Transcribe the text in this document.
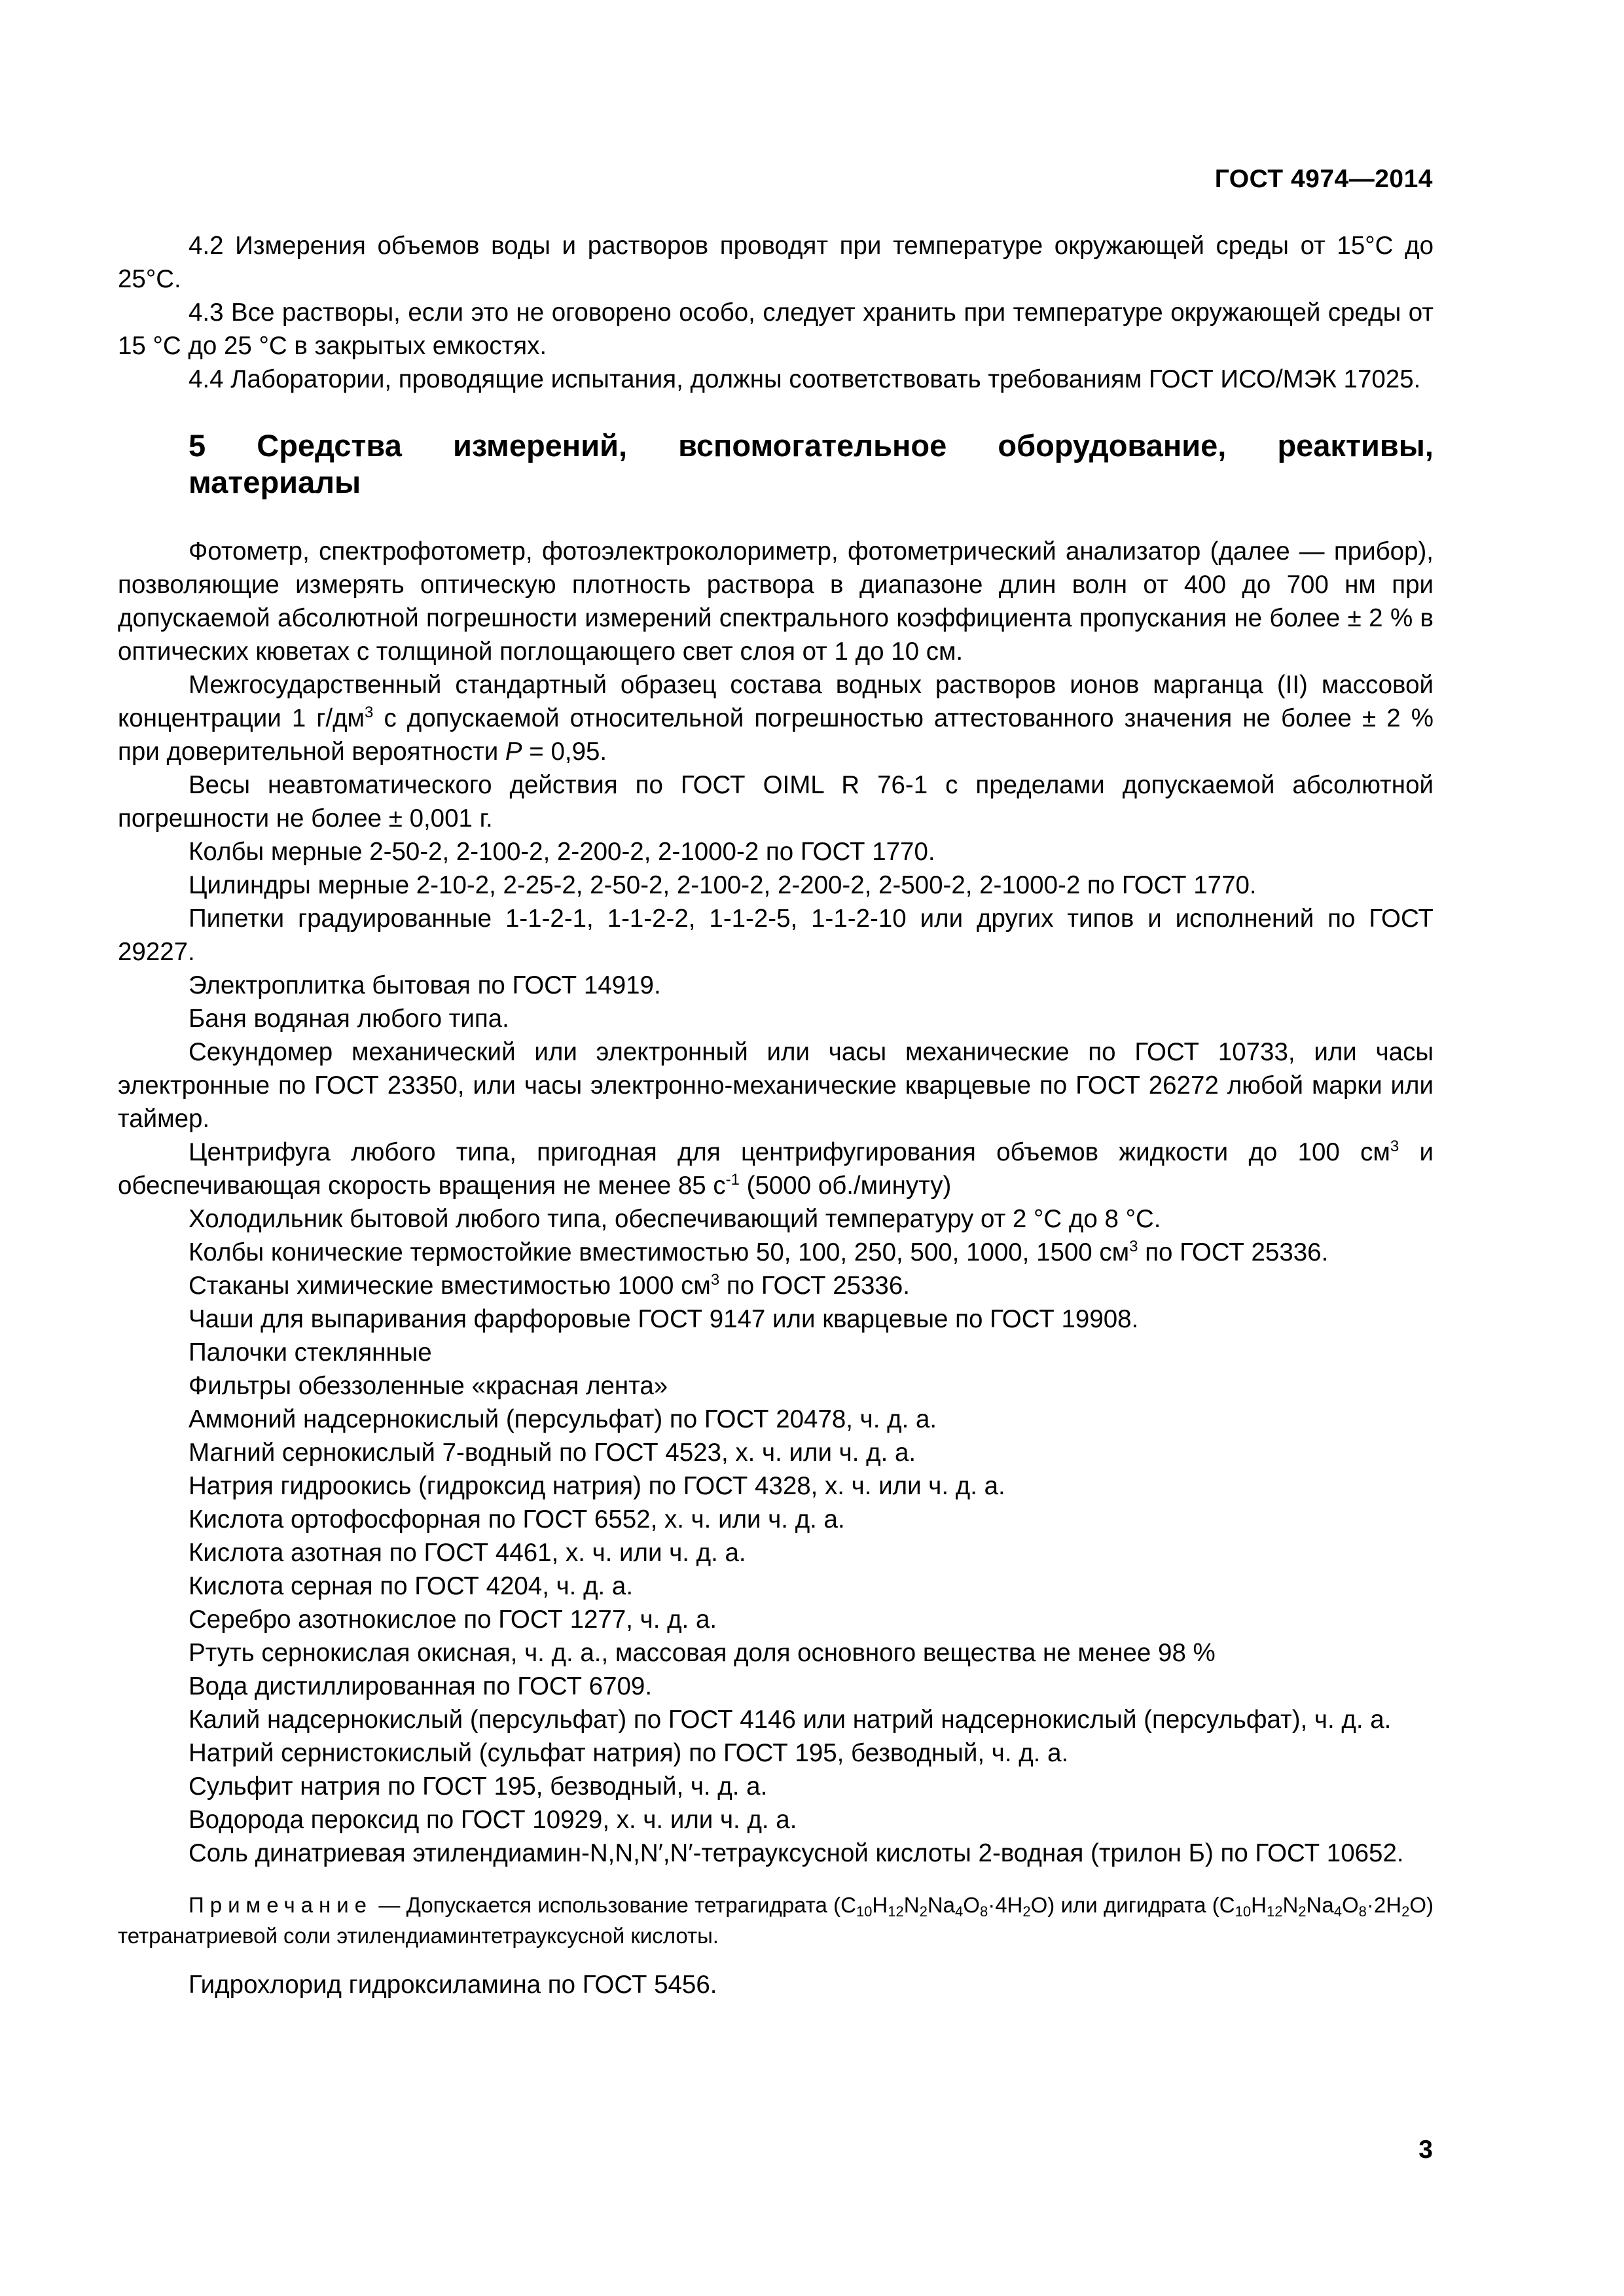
ГОСТ 4974—2014

4.2 Измерения объемов воды и растворов проводят при температуре окружающей среды от 15°С до 25°С.

4.3 Все растворы, если это не оговорено особо, следует хранить при температуре окружающей среды от 15 °С до 25 °С в закрытых емкостях.

4.4 Лаборатории, проводящие испытания, должны соответствовать требованиям ГОСТ ИСО/МЭК 17025.

5 Средства измерений, вспомогательное оборудование, реактивы,
материалы

Фотометр, спектрофотометр, фотоэлектроколориметр, фотометрический анализатор (далее — прибор), позволяющие измерять оптическую плотность раствора в диапазоне длин волн от 400 до 700 нм при допускаемой абсолютной погрешности измерений спектрального коэффициента пропускания не более ± 2 % в оптических кюветах с толщиной поглощающего свет слоя от 1 до 10 см.

Межгосударственный стандартный образец состава водных растворов ионов марганца (II) массовой концентрации 1 $г/дм^3$ с допускаемой относительной погрешностью аттестованного значения не более ± 2 % при доверительной вероятности P = 0,95.

Весы неавтоматического действия по ГОСТ OIML R 76-1 с пределами допускаемой абсолютной погрешности не более ± 0,001 г.

Колбы мерные 2-50-2, 2-100-2, 2-200-2, 2-1000-2 по ГОСТ 1770.

Цилиндры мерные 2-10-2, 2-25-2, 2-50-2, 2-100-2, 2-200-2, 2-500-2, 2-1000-2 по ГОСТ 1770.

Пипетки градуированные 1-1-2-1, 1-1-2-2, 1-1-2-5, 1-1-2-10 или других типов и исполнений по ГОСТ 29227.

Электроплитка бытовая по ГОСТ 14919.

Баня водяная любого типа.

Секундомер механический или электронный или часы механические по ГОСТ 10733, или часы электронные по ГОСТ 23350, или часы электронно-механические кварцевые по ГОСТ 26272 любой марки или таймер.

Центрифуга любого типа, пригодная для центрифугирования объемов жидкости до 100 $см^3$ и обеспечивающая скорость вращения не менее 85 $с^{-1}$ (5000 об./минуту)

Холодильник бытовой любого типа, обеспечивающий температуру от 2 °С до 8 °С.

Колбы конические термостойкие вместимостью 50, 100, 250, 500, 1000, 1500 $см^3$ по ГОСТ 25336.

Стаканы химические вместимостью 1000 $см^3$ по ГОСТ 25336.

Чаши для выпаривания фарфоровые ГОСТ 9147 или кварцевые по ГОСТ 19908.

Палочки стеклянные

Фильтры обеззоленные «красная лента»

Аммоний надсернокислый (персульфат) по ГОСТ 20478, ч. д. а.

Магний сернокислый 7-водный по ГОСТ 4523, х. ч. или ч. д. а.

Натрия гидроокись (гидроксид натрия) по ГОСТ 4328, х. ч. или ч. д. а.

Кислота ортофосфорная по ГОСТ 6552, х. ч. или ч. д. а.

Кислота азотная по ГОСТ 4461, х. ч. или ч. д. а.

Кислота серная по ГОСТ 4204, ч. д. а.

Серебро азотнокислое по ГОСТ 1277, ч. д. а.

Ртуть сернокислая окисная, ч. д. а., массовая доля основного вещества не менее 98 %

Вода дистиллированная по ГОСТ 6709.

Калий надсернокислый (персульфат) по ГОСТ 4146 или натрий надсернокислый (персульфат), ч. д. а.

Натрий сернистокислый (сульфат натрия) по ГОСТ 195, безводный, ч. д. а.

Сульфит натрия по ГОСТ 195, безводный, ч. д. а.

Водорода пероксид по ГОСТ 10929, х. ч. или ч. д. а.

Соль динатриевая этилендиамин-N,N,N′,N′-тетрауксусной кислоты 2-водная (трилон Б) по ГОСТ 10652.

Примечание — Допускается использование тетрагидрата $(C_{10}H_{12}N_2Na_4O_8\cdot 4H_2O)$ или дигидрата $(C_{10}H_{12}N_2Na_4O_8\cdot 2H_2O)$ тетранатриевой соли этилендиаминтетрауксусной кислоты.

Гидрохлорид гидроксиламина по ГОСТ 5456.

3
